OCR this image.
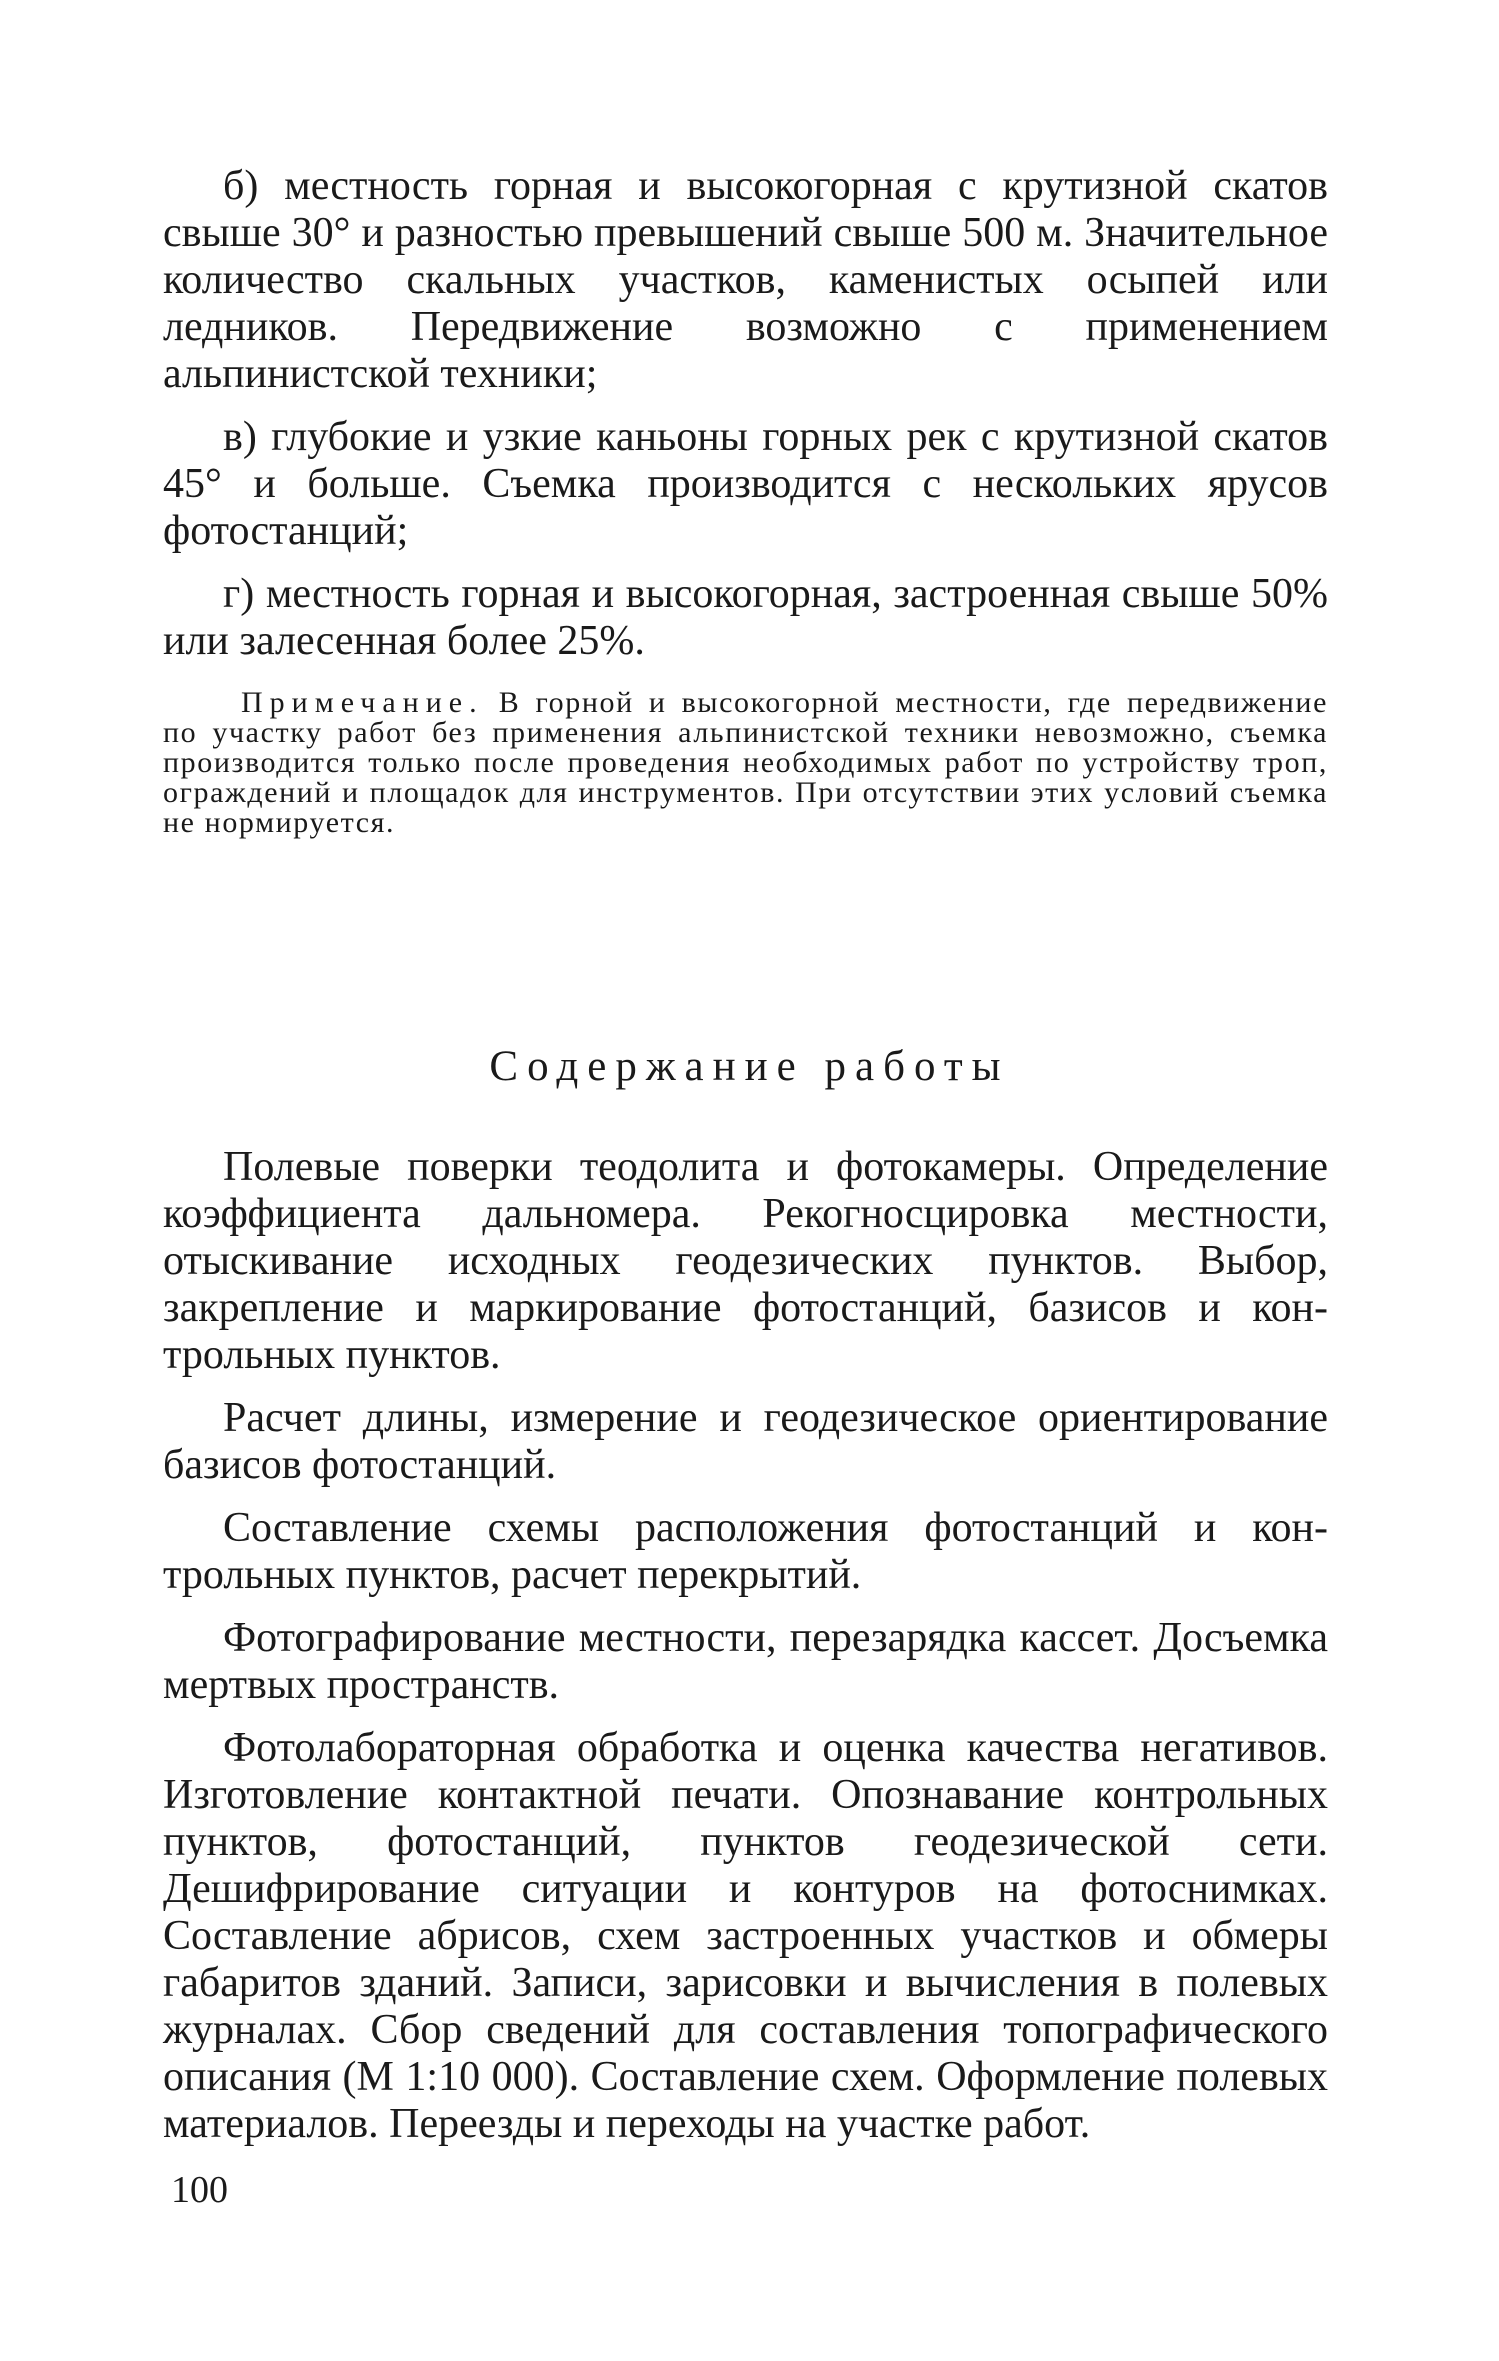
б) местность горная и высокогорная с крутизной скатов свыше 30° и разностью превышений свыше 500 м. Значительное количество скальных участков, каменистых осыпей или ледников. Передвижение возможно с применением альпинистской техники;

в) глубокие и узкие каньоны горных рек с крутизной скатов 45° и больше. Съемка производится с нескольких ярусов фотостанций;

г) местность горная и высокогорная, застроенная свыше 50% или залесенная более 25%.

Примечание. В горной и высокогорной местности, где передвижение по участку работ без применения альпинистской техники невозможно, съемка производится только после проведения необходимых работ по устройству троп, ограждений и площадок для инструментов. При отсутствии этих условий съемка не нормируется.

Содержание работы

Полевые поверки теодолита и фотокамеры. Определение коэффициента дальномера. Рекогносцировка местности, отыскивание исходных геодезических пунктов. Выбор, закрепление и маркирование фотостанций, базисов и контрольных пунктов.

Расчет длины, измерение и геодезическое ориентирование базисов фотостанций.

Составление схемы расположения фотостанций и контрольных пунктов, расчет перекрытий.

Фотографирование местности, перезарядка кассет. Досъемка мертвых пространств.

Фотолабораторная обработка и оценка качества негативов. Изготовление контактной печати. Опознавание контрольных пунктов, фотостанций, пунктов геодезической сети. Дешифрирование ситуации и контуров на фотоснимках. Составление абрисов, схем застроенных участков и обмеры габаритов зданий. Записи, зарисовки и вычисления в полевых журналах. Сбор сведений для составления топографического описания (М 1:10 000). Составление схем. Оформление полевых материалов. Переезды и переходы на участке работ.

100
